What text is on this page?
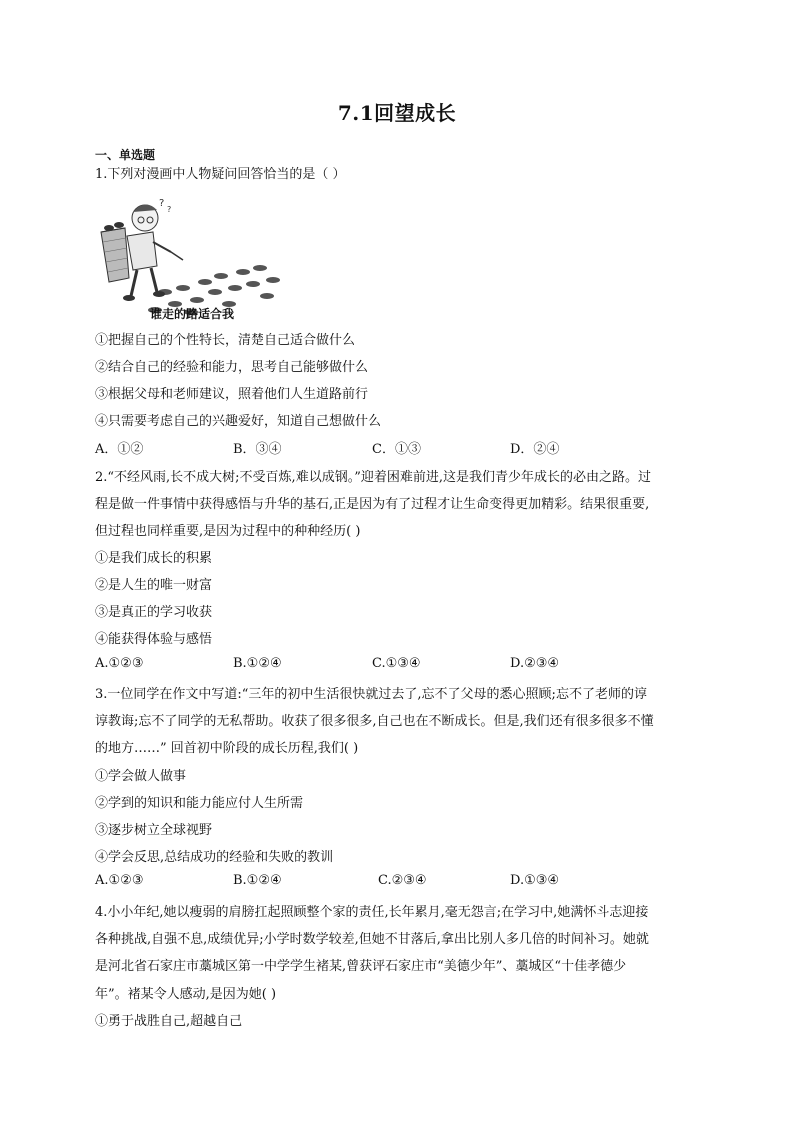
7.1回望成长
一、单选题
1.下列对漫画中人物疑问回答恰当的是（ ）
?
?
谁走的路适合我
①把握自己的个性特长，清楚自己适合做什么
②结合自己的经验和能力，思考自己能够做什么
③根据父母和老师建议，照着他们人生道路前行
④只需要考虑自己的兴趣爱好，知道自己想做什么
A．①②	B．③④	C．①③	D．②④
2.“不经风雨,长不成大树;不受百炼,难以成钢。”迎着困难前进,这是我们青少年成长的必由之路。过
程是做一件事情中获得感悟与升华的基石,正是因为有了过程才让生命变得更加精彩。结果很重要,
但过程也同样重要,是因为过程中的种种经历( )
①是我们成长的积累
②是人生的唯一财富
③是真正的学习收获
④能获得体验与感悟
A.①②③	B.①②④	C.①③④	D.②③④
3.一位同学在作文中写道:“三年的初中生活很快就过去了,忘不了父母的悉心照顾;忘不了老师的谆
谆教诲;忘不了同学的无私帮助。收获了很多很多,自己也在不断成长。但是,我们还有很多很多不懂
的地方……” 回首初中阶段的成长历程,我们( )
①学会做人做事
②学到的知识和能力能应付人生所需
③逐步树立全球视野
④学会反思,总结成功的经验和失败的教训
A.①②③	B.①②④	C.②③④	D.①③④
4.小小年纪,她以瘦弱的肩膀扛起照顾整个家的责任,长年累月,毫无怨言;在学习中,她满怀斗志迎接
各种挑战,自强不息,成绩优异;小学时数学较差,但她不甘落后,拿出比别人多几倍的时间补习。她就
是河北省石家庄市藁城区第一中学学生褚某,曾获评石家庄市“美德少年”、藁城区“十佳孝德少
年”。褚某令人感动,是因为她( )
①勇于战胜自己,超越自己
